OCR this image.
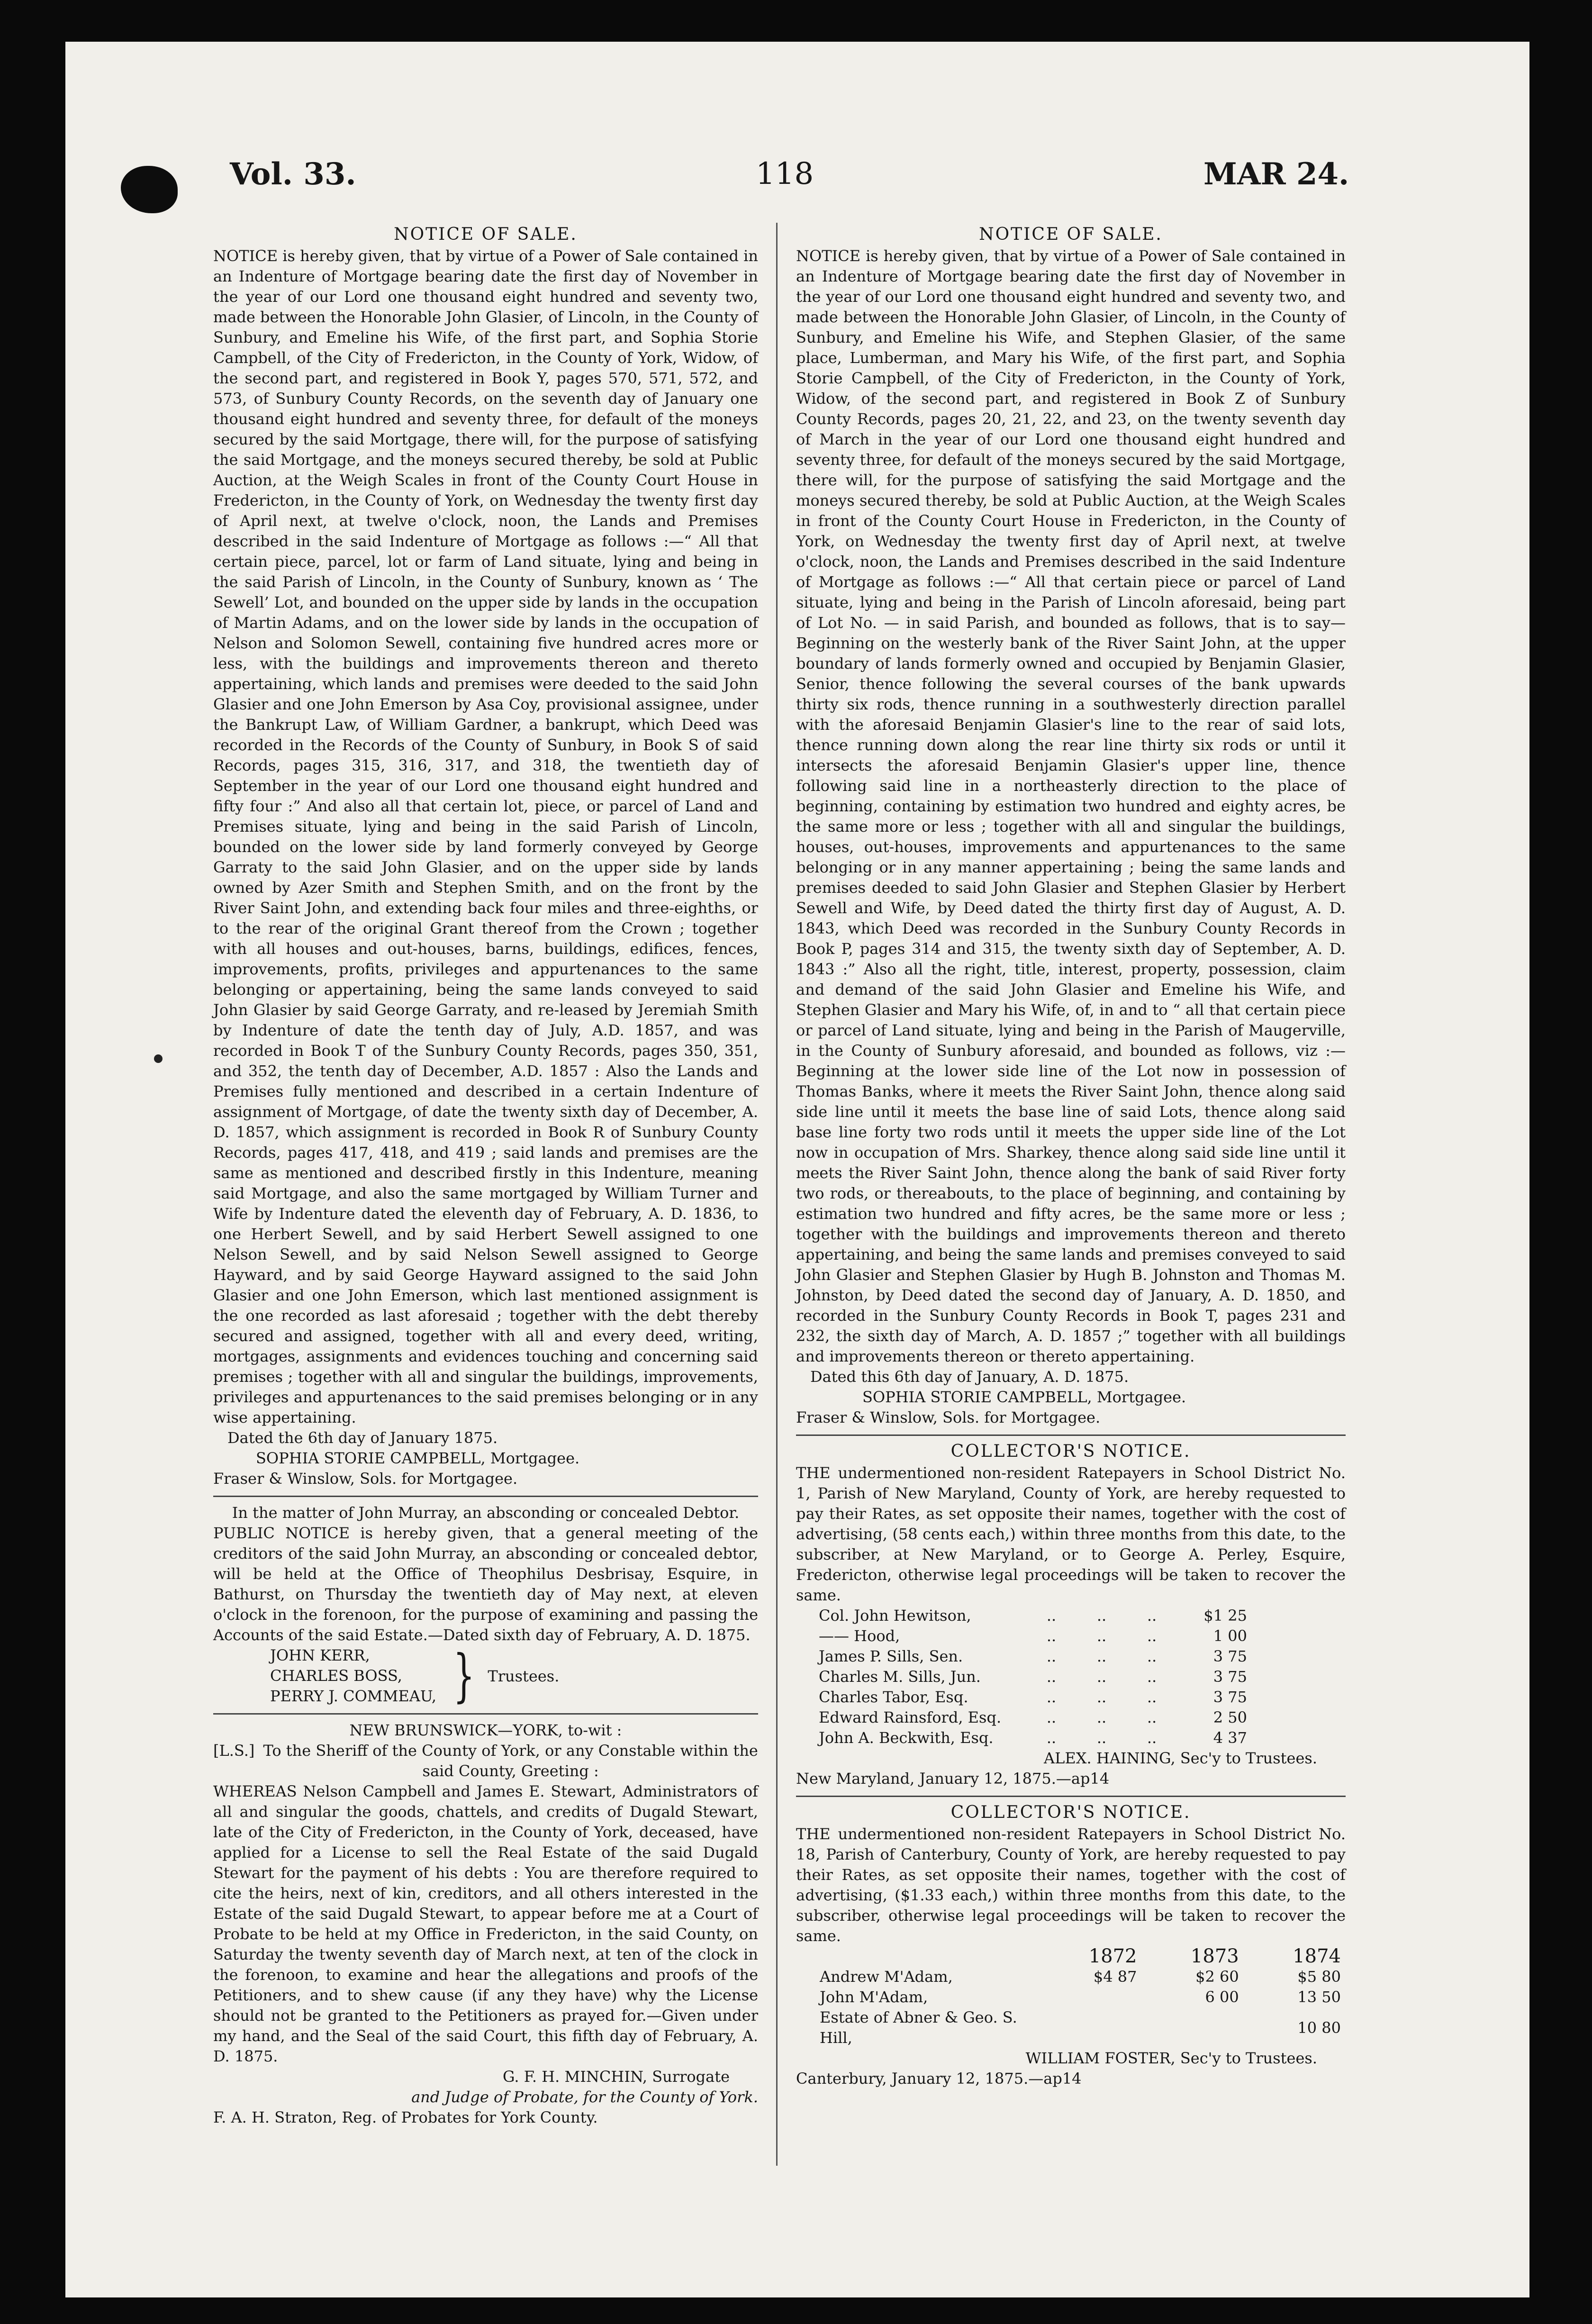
Vol. 33.	118	MAR 24.
NOTICE OF SALE.

NOTICE is hereby given, that by virtue of a Power of Sale contained in an Indenture of Mortgage bearing date the first day of November in the year of our Lord one thousand eight hundred and seventy two, made between the Honorable John Glasier, of Lincoln, in the County of Sunbury, and Emeline his Wife, of the first part, and Sophia Storie Campbell, of the City of Fredericton, in the County of York, Widow, of the second part, and registered in Book Y, pages 570, 571, 572, and 573, of Sunbury County Records, on the seventh day of January one thousand eight hundred and seventy three, for default of the moneys secured by the said Mortgage, there will, for the purpose of satisfying the said Mortgage, and the moneys secured thereby, be sold at Public Auction, at the Weigh Scales in front of the County Court House in Fredericton, in the County of York, on Wednesday the twenty first day of April next, at twelve o'clock, noon, the Lands and Premises described in the said Indenture of Mortgage as follows :—“ All that certain piece, parcel, lot or farm of Land situate, lying and being in the said Parish of Lincoln, in the County of Sunbury, known as ‘ The Sewell’ Lot, and bounded on the upper side by lands in the occupation of Martin Adams, and on the lower side by lands in the occupation of Nelson and Solomon Sewell, containing five hundred acres more or less, with the buildings and improvements thereon and thereto appertaining, which lands and premises were deeded to the said John Glasier and one John Emerson by Asa Coy, provisional assignee, under the Bankrupt Law, of William Gardner, a bankrupt, which Deed was recorded in the Records of the County of Sunbury, in Book S of said Records, pages 315, 316, 317, and 318, the twentieth day of September in the year of our Lord one thousand eight hundred and fifty four :” And also all that certain lot, piece, or parcel of Land and Premises situate, lying and being in the said Parish of Lincoln, bounded on the lower side by land formerly conveyed by George Garraty to the said John Glasier, and on the upper side by lands owned by Azer Smith and Stephen Smith, and on the front by the River Saint John, and extending back four miles and three-eighths, or to the rear of the original Grant thereof from the Crown ; together with all houses and out-houses, barns, buildings, edifices, fences, improvements, profits, privileges and appurtenances to the same belonging or appertaining, being the same lands conveyed to said John Glasier by said George Garraty, and re-leased by Jeremiah Smith by Indenture of date the tenth day of July, A.D. 1857, and was recorded in Book T of the Sunbury County Records, pages 350, 351, and 352, the tenth day of December, A.D. 1857 : Also the Lands and Premises fully mentioned and described in a certain Indenture of assignment of Mortgage, of date the twenty sixth day of December, A. D. 1857, which assignment is recorded in Book R of Sunbury County Records, pages 417, 418, and 419 ; said lands and premises are the same as mentioned and described firstly in this Indenture, meaning said Mortgage, and also the same mortgaged by William Turner and Wife by Indenture dated the eleventh day of February, A. D. 1836, to one Herbert Sewell, and by said Herbert Sewell assigned to one Nelson Sewell, and by said Nelson Sewell assigned to George Hayward, and by said George Hayward assigned to the said John Glasier and one John Emerson, which last mentioned assignment is the one recorded as last aforesaid ; together with the debt thereby secured and assigned, together with all and every deed, writing, mortgages, assignments and evidences touching and concerning said premises ; together with all and singular the buildings, improvements, privileges and appurtenances to the said premises belonging or in any wise appertaining.

Dated the 6th day of January 1875.
SOPHIA STORIE CAMPBELL, Mortgagee.
Fraser & Winslow, Sols. for Mortgagee.
In the matter of John Murray, an absconding or concealed Debtor.

PUBLIC NOTICE is hereby given, that a general meeting of the creditors of the said John Murray, an absconding or concealed debtor, will be held at the Office of Theophilus Desbrisay, Esquire, in Bathurst, on Thursday the twentieth day of May next, at eleven o'clock in the forenoon, for the purpose of examining and passing the Accounts of the said Estate.—Dated sixth day of February, A. D. 1875.

JOHN KERR,
CHARLES BOSS,
PERRY J. COMMEAU, } Trustees.
NEW BRUNSWICK—YORK, to-wit :
[L.S.] To the Sheriff of the County of York, or any Constable within the said County, Greeting :

WHEREAS Nelson Campbell and James E. Stewart, Administrators of all and singular the goods, chattels, and credits of Dugald Stewart, late of the City of Fredericton, in the County of York, deceased, have applied for a License to sell the Real Estate of the said Dugald Stewart for the payment of his debts : You are therefore required to cite the heirs, next of kin, creditors, and all others interested in the Estate of the said Dugald Stewart, to appear before me at a Court of Probate to be held at my Office in Fredericton, in the said County, on Saturday the twenty seventh day of March next, at ten of the clock in the forenoon, to examine and hear the allegations and proofs of the Petitioners, and to shew cause (if any they have) why the License should not be granted to the Petitioners as prayed for.—Given under my hand, and the Seal of the said Court, this fifth day of February, A. D. 1875.

G. F. H. MINCHIN, Surrogate
and Judge of Probate, for the County of York.
F. A. H. Straton, Reg. of Probates for York County.
NOTICE OF SALE.

NOTICE is hereby given, that by virtue of a Power of Sale contained in an Indenture of Mortgage bearing date the first day of November in the year of our Lord one thousand eight hundred and seventy two, and made between the Honorable John Glasier, of Lincoln, in the County of Sunbury, and Emeline his Wife, and Stephen Glasier, of the same place, Lumberman, and Mary his Wife, of the first part, and Sophia Storie Campbell, of the City of Fredericton, in the County of York, Widow, of the second part, and registered in Book Z of Sunbury County Records, pages 20, 21, 22, and 23, on the twenty seventh day of March in the year of our Lord one thousand eight hundred and seventy three, for default of the moneys secured by the said Mortgage, there will, for the purpose of satisfying the said Mortgage and the moneys secured thereby, be sold at Public Auction, at the Weigh Scales in front of the County Court House in Fredericton, in the County of York, on Wednesday the twenty first day of April next, at twelve o'clock, noon, the Lands and Premises described in the said Indenture of Mortgage as follows :—“ All that certain piece or parcel of Land situate, lying and being in the Parish of Lincoln aforesaid, being part of Lot No. — in said Parish, and bounded as follows, that is to say—Beginning on the westerly bank of the River Saint John, at the upper boundary of lands formerly owned and occupied by Benjamin Glasier, Senior, thence following the several courses of the bank upwards thirty six rods, thence running in a southwesterly direction parallel with the aforesaid Benjamin Glasier's line to the rear of said lots, thence running down along the rear line thirty six rods or until it intersects the aforesaid Benjamin Glasier's upper line, thence following said line in a northeasterly direction to the place of beginning, containing by estimation two hundred and eighty acres, be the same more or less ; together with all and singular the buildings, houses, out-houses, improvements and appurtenances to the same belonging or in any manner appertaining ; being the same lands and premises deeded to said John Glasier and Stephen Glasier by Herbert Sewell and Wife, by Deed dated the thirty first day of August, A. D. 1843, which Deed was recorded in the Sunbury County Records in Book P, pages 314 and 315, the twenty sixth day of September, A. D. 1843 :” Also all the right, title, interest, property, possession, claim and demand of the said John Glasier and Emeline his Wife, and Stephen Glasier and Mary his Wife, of, in and to “ all that certain piece or parcel of Land situate, lying and being in the Parish of Maugerville, in the County of Sunbury aforesaid, and bounded as follows, viz :—Beginning at the lower side line of the Lot now in possession of Thomas Banks, where it meets the River Saint John, thence along said side line until it meets the base line of said Lots, thence along said base line forty two rods until it meets the upper side line of the Lot now in occupation of Mrs. Sharkey, thence along said side line until it meets the River Saint John, thence along the bank of said River forty two rods, or thereabouts, to the place of beginning, and containing by estimation two hundred and fifty acres, be the same more or less ; together with the buildings and improvements thereon and thereto appertaining, and being the same lands and premises conveyed to said John Glasier and Stephen Glasier by Hugh B. Johnston and Thomas M. Johnston, by Deed dated the second day of January, A. D. 1850, and recorded in the Sunbury County Records in Book T, pages 231 and 232, the sixth day of March, A. D. 1857 ;” together with all buildings and improvements thereon or thereto appertaining.

Dated this 6th day of January, A. D. 1875.
SOPHIA STORIE CAMPBELL, Mortgagee.
Fraser & Winslow, Sols. for Mortgagee.
COLLECTOR'S NOTICE.

THE undermentioned non-resident Ratepayers in School District No. 1, Parish of New Maryland, County of York, are hereby requested to pay their Rates, as set opposite their names, together with the cost of advertising, (58 cents each,) within three months from this date, to the subscriber, at New Maryland, or to George A. Perley, Esquire, Fredericton, otherwise legal proceedings will be taken to recover the same.

Col. John Hewitson,	..	..	..	$1 25
—— Hood,	..	..	..	1 00
James P. Sills, Sen.	..	..	..	3 75
Charles M. Sills, Jun.	..	..	..	3 75
Charles Tabor, Esq.	..	..	..	3 75
Edward Rainsford, Esq.	..	..	..	2 50
John A. Beckwith, Esq.	..	..	..	4 37
ALEX. HAINING, Sec'y to Trustees.
New Maryland, January 12, 1875.—ap14
COLLECTOR'S NOTICE.

THE undermentioned non-resident Ratepayers in School District No. 18, Parish of Canterbury, County of York, are hereby requested to pay their Rates, as set opposite their names, together with the cost of advertising, ($1.33 each,) within three months from this date, to the subscriber, otherwise legal proceedings will be taken to recover the same.

	1872	1873	1874
Andrew M'Adam,	$4 87	$2 60	$5 80
John M'Adam,		6 00	13 50
Estate of Abner & Geo. S. Hill,			10 80
WILLIAM FOSTER, Sec'y to Trustees.
Canterbury, January 12, 1875.—ap14
